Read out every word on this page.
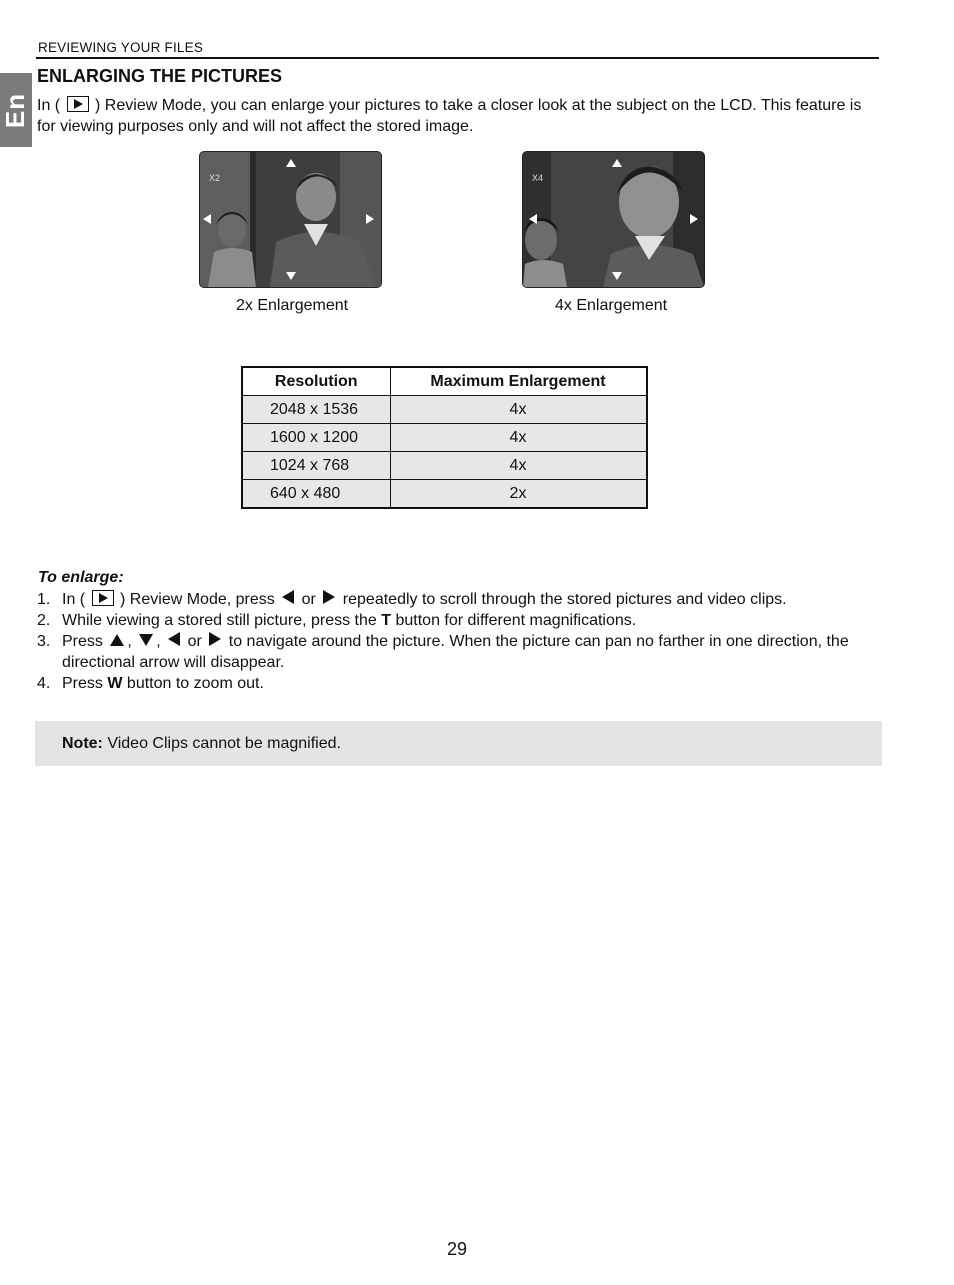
En
REVIEWING YOUR FILES
ENLARGING THE PICTURES
In ( ) Review Mode, you can enlarge your pictures to take a closer look at the subject on the LCD. This feature is for viewing purposes only and will not affect the stored image.
X2
2x Enlargement
X4
4x Enlargement
Resolution	Maximum Enlargement
2048 x 1536	4x
1600 x 1200	4x
1024 x 768	4x
640 x 480	2x
To enlarge:
1. In ( ) Review Mode, press or repeatedly to scroll through the stored pictures and video clips.
2. While viewing a stored still picture, press the T button for different magnifications.
3. Press , , or to navigate around the picture. When the picture can pan no farther in one direction, the directional arrow will disappear.
4. Press W button to zoom out.
Note: Video Clips cannot be magnified.
29
